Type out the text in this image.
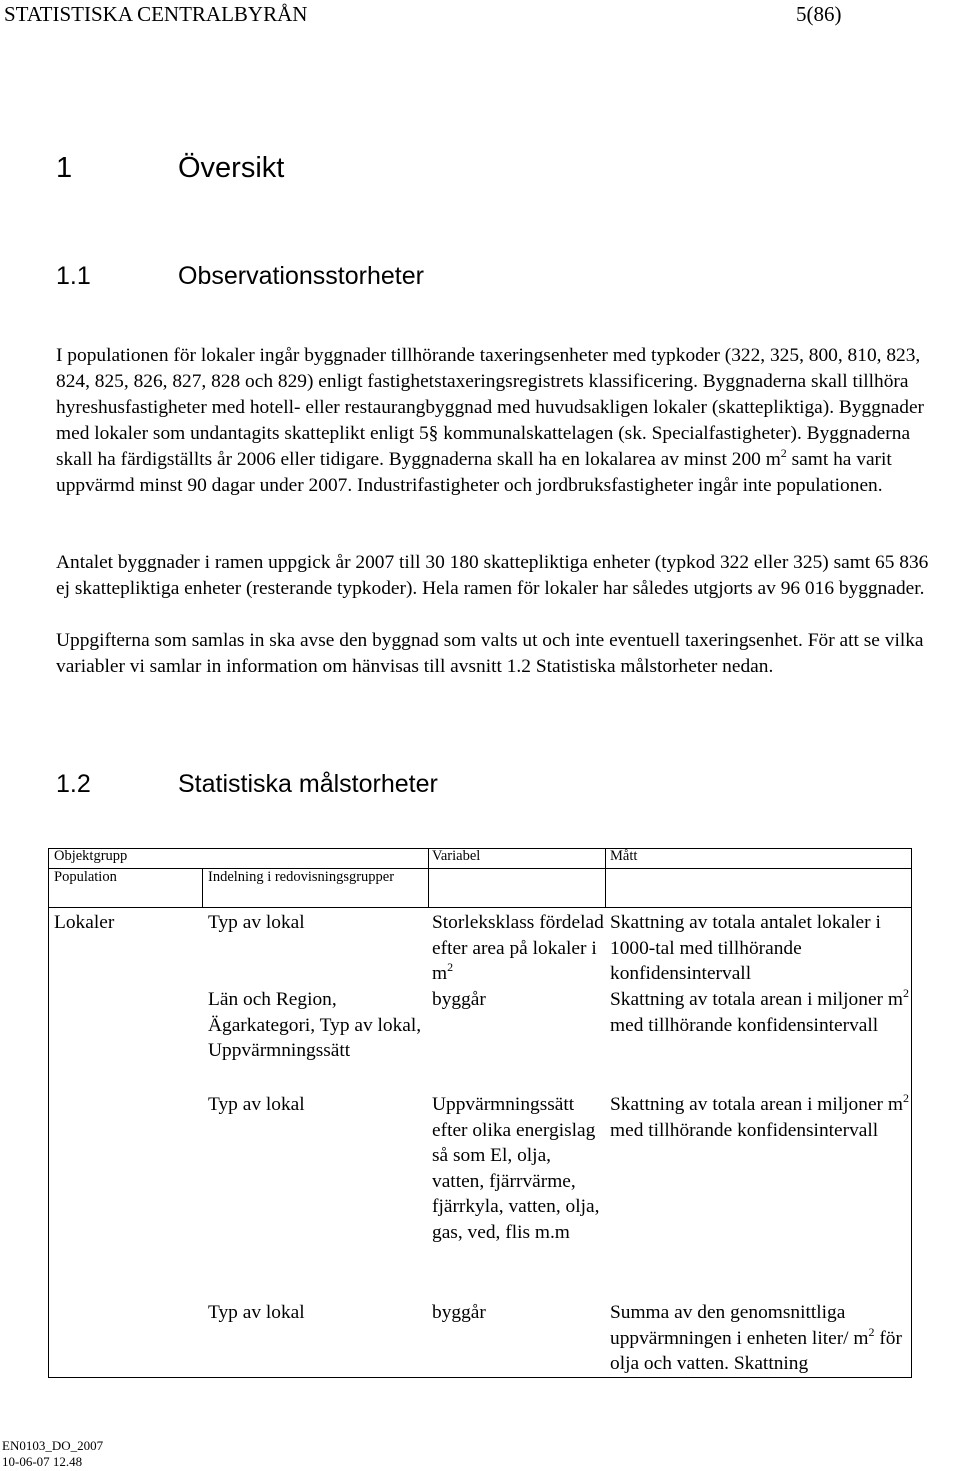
STATISTISKA CENTRALBYRÅN	5(86)
1	Översikt
1.1	Observationsstorheter

I populationen för lokaler ingår byggnader tillhörande taxeringsenheter med typkoder (322, 325, 800, 810, 823, 824, 825, 826, 827, 828 och 829) enligt fastighetstaxeringsregistrets klassificering. Byggnaderna skall tillhöra hyreshusfastigheter med hotell- eller restaurangbyggnad med huvudsakligen lokaler (skattepliktiga). Byggnader med lokaler som undantagits skatteplikt enligt 5§ kommunalskattelagen (sk. Specialfastigheter). Byggnaderna skall ha färdigställts år 2006 eller tidigare. Byggnaderna skall ha en lokalarea av minst 200 $m^2$ samt ha varit uppvärmd minst 90 dagar under 2007. Industrifastigheter och jordbruksfastigheter ingår inte populationen.

Antalet byggnader i ramen uppgick år 2007 till 30 180 skattepliktiga enheter (typkod 322 eller 325) samt 65 836 ej skattepliktiga enheter (resterande typkoder). Hela ramen för lokaler har således utgjorts av 96 016 byggnader.

Uppgifterna som samlas in ska avse den byggnad som valts ut och inte eventuell taxeringsenhet. För att se vilka variabler vi samlar in information om hänvisas till avsnitt 1.2 Statistiska målstorheter nedan.

1.2	Statistiska målstorheter
Objektgrupp		Variabel	Mått
Population	Indelning i redovisningsgrupper		
Lokaler	Typ av lokal	Storleksklass fördelad efter area på lokaler i $m^2$	Skattning av totala antalet lokaler i 1000-tal med tillhörande konfidensintervall
	Län och Region, Ägarkategori, Typ av lokal, Uppvärmningssätt	byggår	Skattning av totala arean i miljoner $m^2$ med tillhörande konfidensintervall
	Typ av lokal	Uppvärmningssätt efter olika energislag så som El, olja, vatten, fjärrvärme, fjärrkyla, vatten, olja, gas, ved, flis m.m	Skattning av totala arean i miljoner $m^2$ med tillhörande konfidensintervall
	Typ av lokal	byggår	Summa av den genomsnittliga uppvärmningen i enheten liter/ $m^2$ för olja och vatten. Skattning
EN0103_DO_2007
10-06-07 12.48
